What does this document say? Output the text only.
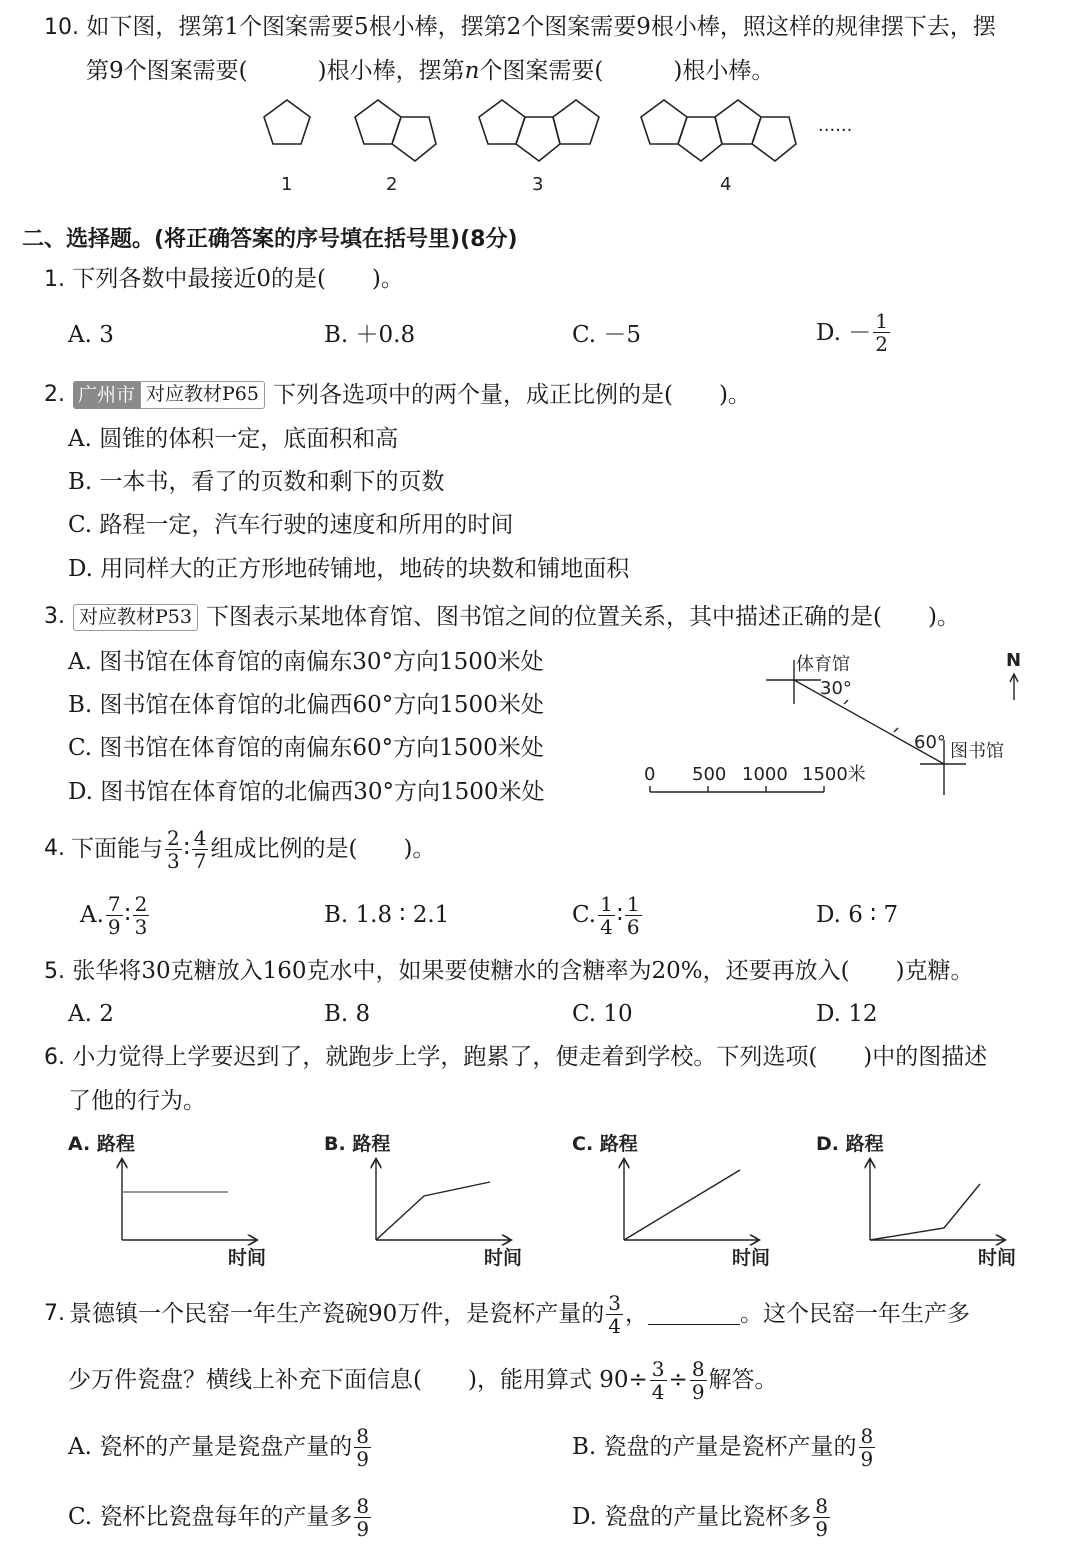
10. 如下图，摆第1个图案需要5根小棒，摆第2个图案需要9根小棒，照这样的规律摆下去，摆
第9个图案需要(	)根小棒，摆第n个图案需要(	)根小棒。
······
1	2	3	4
二、选择题。(将正确答案的序号填在括号里)(8分)
1. 下列各数中最接近0的是(　　)。
A. 3	B. ＋0.8	C. －5	D. － $\frac{1}{2}$
2. 广州市 对应教材P65 下列各选项中的两个量，成正比例的是(　　)。
A. 圆锥的体积一定，底面积和高
B. 一本书，看了的页数和剩下的页数
C. 路程一定，汽车行驶的速度和所用的时间
D. 用同样大的正方形地砖铺地，地砖的块数和铺地面积
3. 对应教材P53 下图表示某地体育馆、图书馆之间的位置关系，其中描述正确的是(　　)。
A. 图书馆在体育馆的南偏东30°方向1500米处
B. 图书馆在体育馆的北偏西60°方向1500米处
C. 图书馆在体育馆的南偏东60°方向1500米处
D. 图书馆在体育馆的北偏西30°方向1500米处
体育馆
30°
60° 图书馆
N
0 500 1000 1500米
4. 下面能与 $\frac{2}{3}$ ∶ $\frac{4}{7}$ 组成比例的是(　　)。
A. $\frac{7}{9}$ ∶ $\frac{2}{3}$	B. 1.8 ∶ 2.1	C. $\frac{1}{4}$ ∶ $\frac{1}{6}$	D. 6 ∶ 7
5. 张华将30克糖放入160克水中，如果要使糖水的含糖率为20%，还要再放入(　　)克糖。
A. 2	B. 8	C. 10	D. 12
6. 小力觉得上学要迟到了，就跑步上学，跑累了，便走着到学校。下列选项(　　)中的图描述
了他的行为。
A. 路程	B. 路程	C. 路程	D. 路程
时间	时间	时间	时间
7. 景德镇一个民窑一年生产瓷碗90万件，是瓷杯产量的 $\frac{3}{4}$ ，	。这个民窑一年生产多
少万件瓷盘？横线上补充下面信息(　　)，能用算式 $90\div \frac{3}{4} \div \frac{8}{9}$ 解答。
A. 瓷杯的产量是瓷盘产量的 $\frac{8}{9}$	B. 瓷盘的产量是瓷杯产量的 $\frac{8}{9}$
C. 瓷杯比瓷盘每年的产量多 $\frac{8}{9}$	D. 瓷盘的产量比瓷杯多 $\frac{8}{9}$
